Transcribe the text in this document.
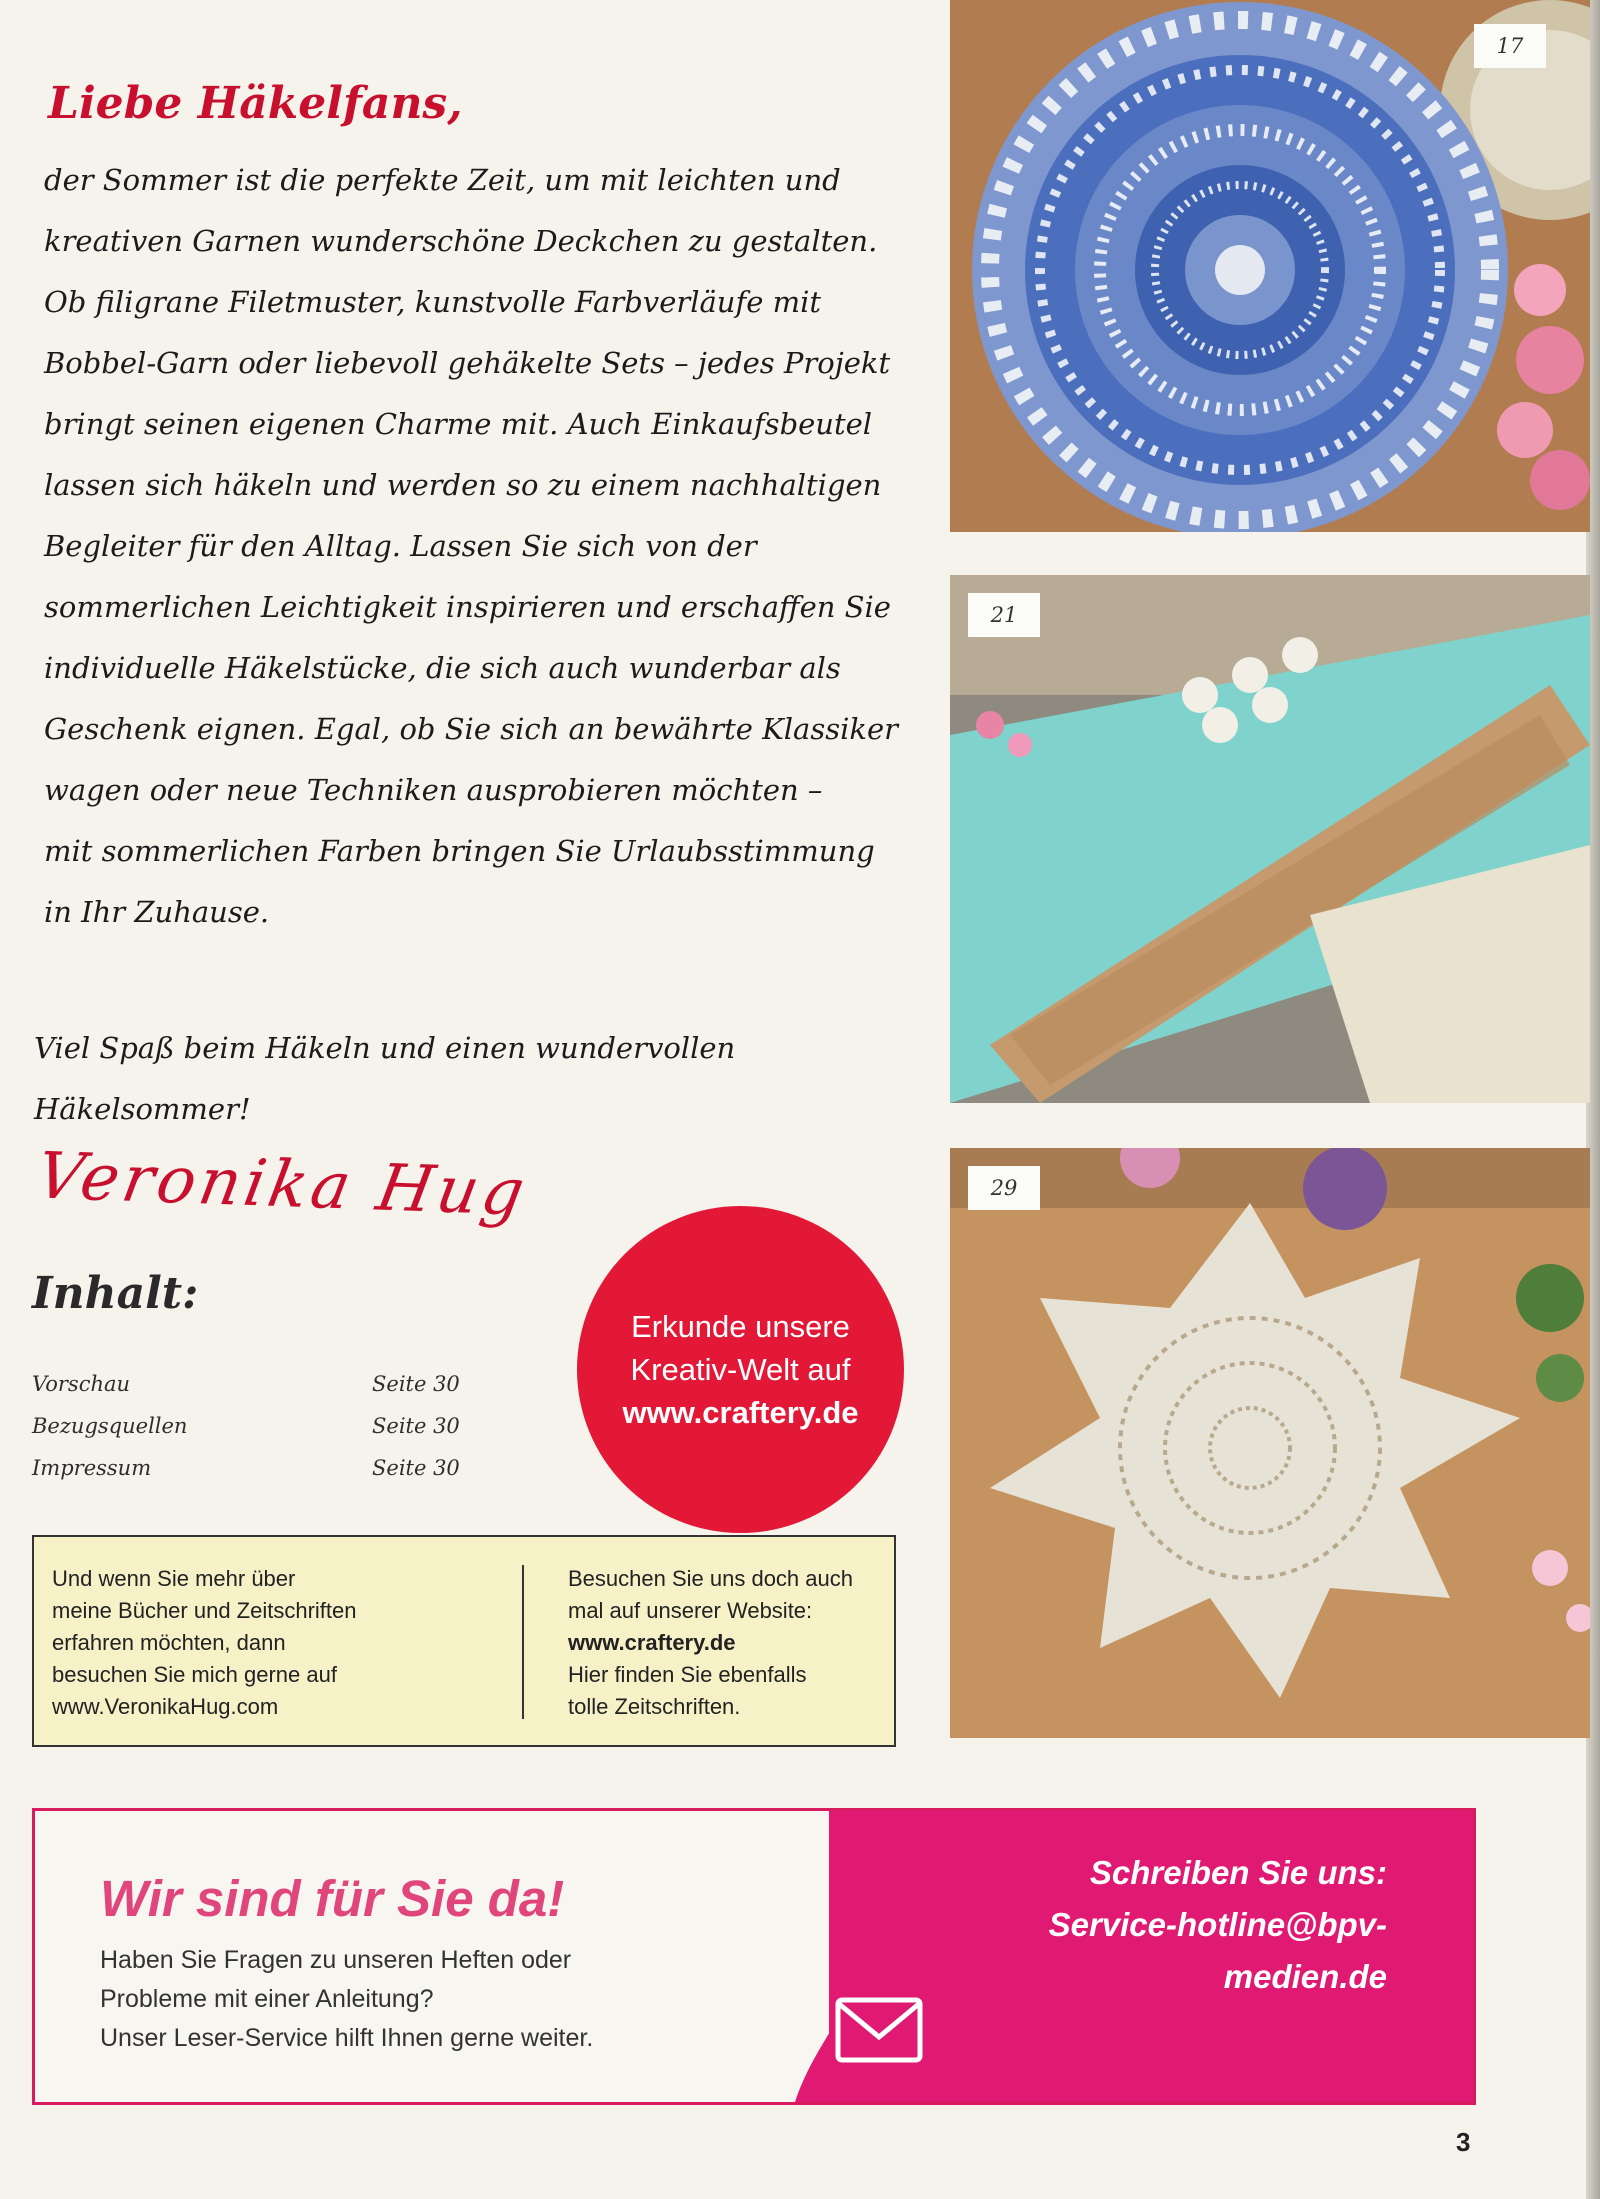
Liebe Häkelfans,

der Sommer ist die perfekte Zeit, um mit leichten und

kreativen Garnen wunderschöne Deckchen zu gestalten.

Ob filigrane Filetmuster, kunstvolle Farbverläufe mit

Bobbel-Garn oder liebevoll gehäkelte Sets – jedes Projekt

bringt seinen eigenen Charme mit. Auch Einkaufsbeutel

lassen sich häkeln und werden so zu einem nachhaltigen

Begleiter für den Alltag. Lassen Sie sich von der

sommerlichen Leichtigkeit inspirieren und erschaffen Sie

individuelle Häkelstücke, die sich auch wunderbar als

Geschenk eignen. Egal, ob Sie sich an bewährte Klassiker

wagen oder neue Techniken ausprobieren möchten –

mit sommerlichen Farben bringen Sie Urlaubsstimmung

in Ihr Zuhause.

Viel Spaß beim Häkeln und einen wundervollen
Häkelsommer!
Veronika Hug
Inhalt:
Vorschau	Seite 30
Bezugsquellen	Seite 30
Impressum	Seite 30
Erkunde unsere
Kreativ-Welt auf
www.craftery.de

Und wenn Sie mehr über

meine Bücher und Zeitschriften

erfahren möchten, dann

besuchen Sie mich gerne auf

www.VeronikaHug.com

Besuchen Sie uns doch auch

mal auf unserer Website:

www.craftery.de

Hier finden Sie ebenfalls

tolle Zeitschriften.

17
21
29
Wir sind für Sie da!

Haben Sie Fragen zu unseren Heften oder

Probleme mit einer Anleitung?

Unser Leser-Service hilft Ihnen gerne weiter.

Schreiben Sie uns:

Service-hotline@bpv-

medien.de

3
